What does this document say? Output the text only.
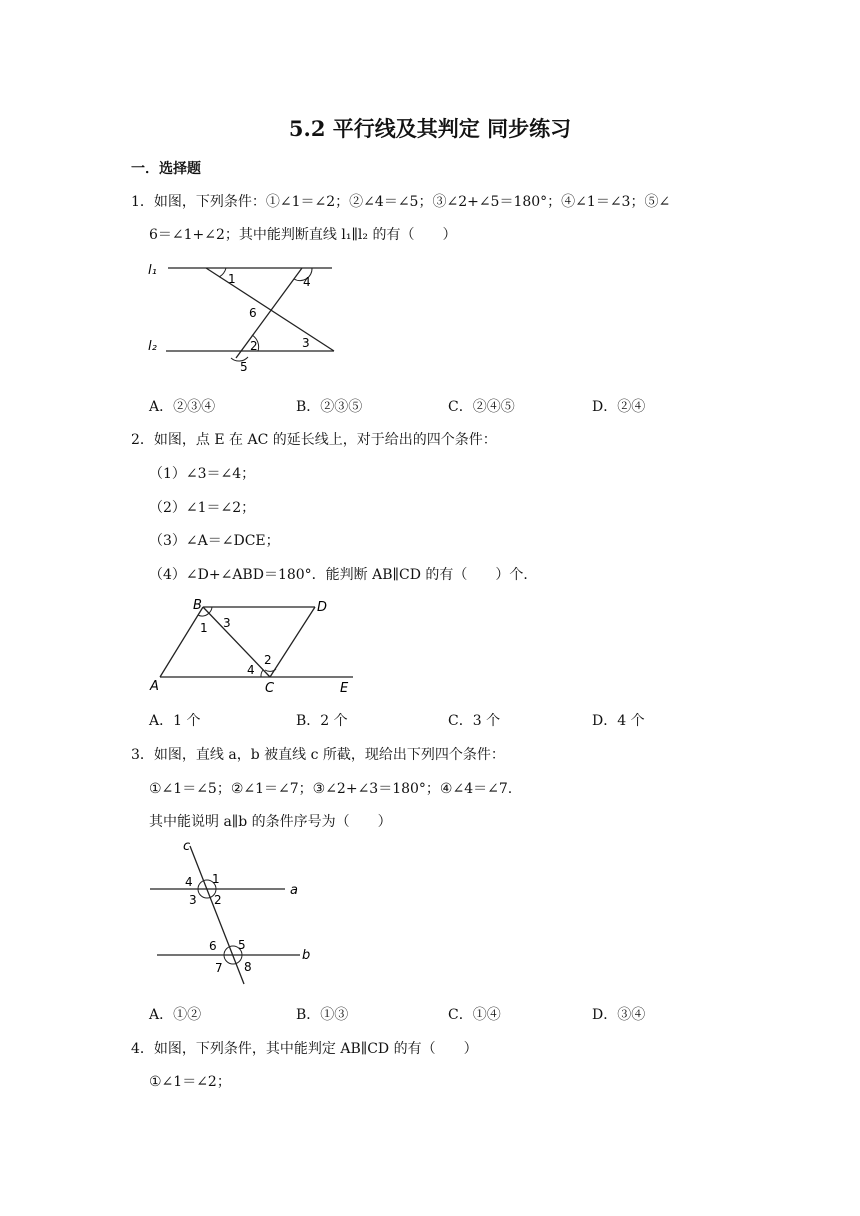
5.2 平行线及其判定 同步练习
一．选择题
1．如图，下列条件：①∠1＝∠2；②∠4＝∠5；③∠2+∠5＝180°；④∠1＝∠3；⑤∠
6＝∠1+∠2；其中能判断直线 l₁∥l₂ 的有（　　）
l₁
l₂
1
2	3
4
5
6
A．②③④	B．②③⑤	C．②④⑤	D．②④
2．如图，点 E 在 AC 的延长线上，对于给出的四个条件：
（1）∠3＝∠4；
（2）∠1＝∠2；
（3）∠A＝∠DCE；
（4）∠D+∠ABD＝180°．能判断 AB∥CD 的有（　　）个．
A
B
C
D
E
1
2
3
4
A．1 个	B．2 个	C．3 个	D．4 个
3．如图，直线 a，b 被直线 c 所截，现给出下列四个条件：
①∠1＝∠5；②∠1＝∠7；③∠2+∠3＝180°；④∠4＝∠7.
其中能说明 a∥b 的条件序号为（　　）
c
a
b
1
2
3
4
5
6
7 8
A．①②	B．①③	C．①④	D．③④
4．如图，下列条件，其中能判定 AB∥CD 的有（　　）
①∠1＝∠2；
